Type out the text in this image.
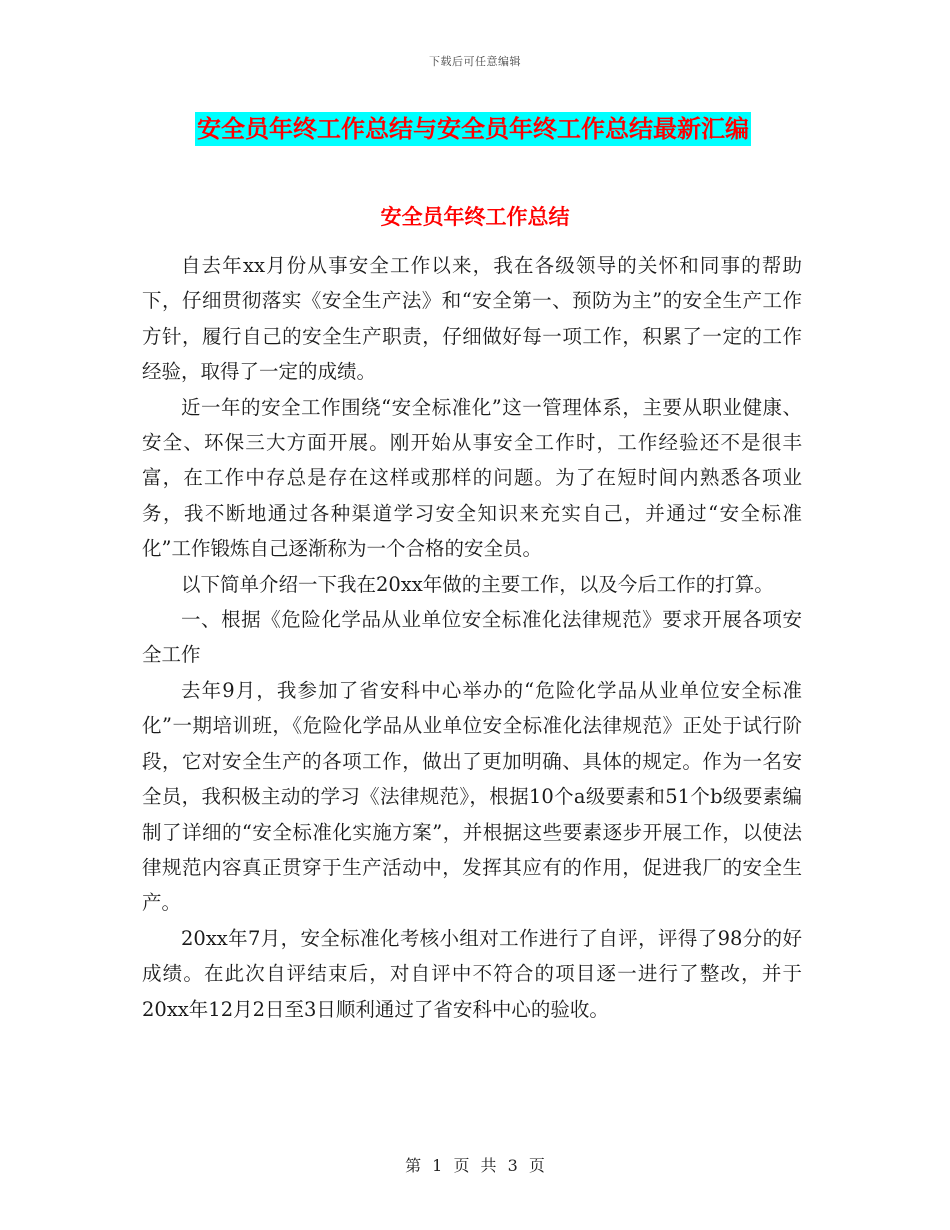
下载后可任意编辑
安全员年终工作总结与安全员年终工作总结最新汇编
安全员年终工作总结

自去年xx月份从事安全工作以来，我在各级领导的关怀和同事的帮助下，仔细贯彻落实《安全生产法》和“安全第一、预防为主”的安全生产工作方针，履行自己的安全生产职责，仔细做好每一项工作，积累了一定的工作经验，取得了一定的成绩。

近一年的安全工作围绕“安全标准化”这一管理体系，主要从职业健康、安全、环保三大方面开展。刚开始从事安全工作时，工作经验还不是很丰富，在工作中存总是存在这样或那样的问题。为了在短时间内熟悉各项业务，我不断地通过各种渠道学习安全知识来充实自己，并通过“安全标准化”工作锻炼自己逐渐称为一个合格的安全员。

以下简单介绍一下我在20xx年做的主要工作，以及今后工作的打算。

一、根据《危险化学品从业单位安全标准化法律规范》要求开展各项安全工作

去年9月，我参加了省安科中心举办的“危险化学品从业单位安全标准化”一期培训班，《危险化学品从业单位安全标准化法律规范》正处于试行阶段，它对安全生产的各项工作，做出了更加明确、具体的规定。作为一名安全员，我积极主动的学习《法律规范》，根据10个a级要素和51个b级要素编制了详细的“安全标准化实施方案”，并根据这些要素逐步开展工作，以使法律规范内容真正贯穿于生产活动中，发挥其应有的作用，促进我厂的安全生产。

20xx年7月，安全标准化考核小组对工作进行了自评，评得了98分的好成绩。在此次自评结束后，对自评中不符合的项目逐一进行了整改，并于20xx年12月2日至3日顺利通过了省安科中心的验收。

第 1 页 共 3 页
